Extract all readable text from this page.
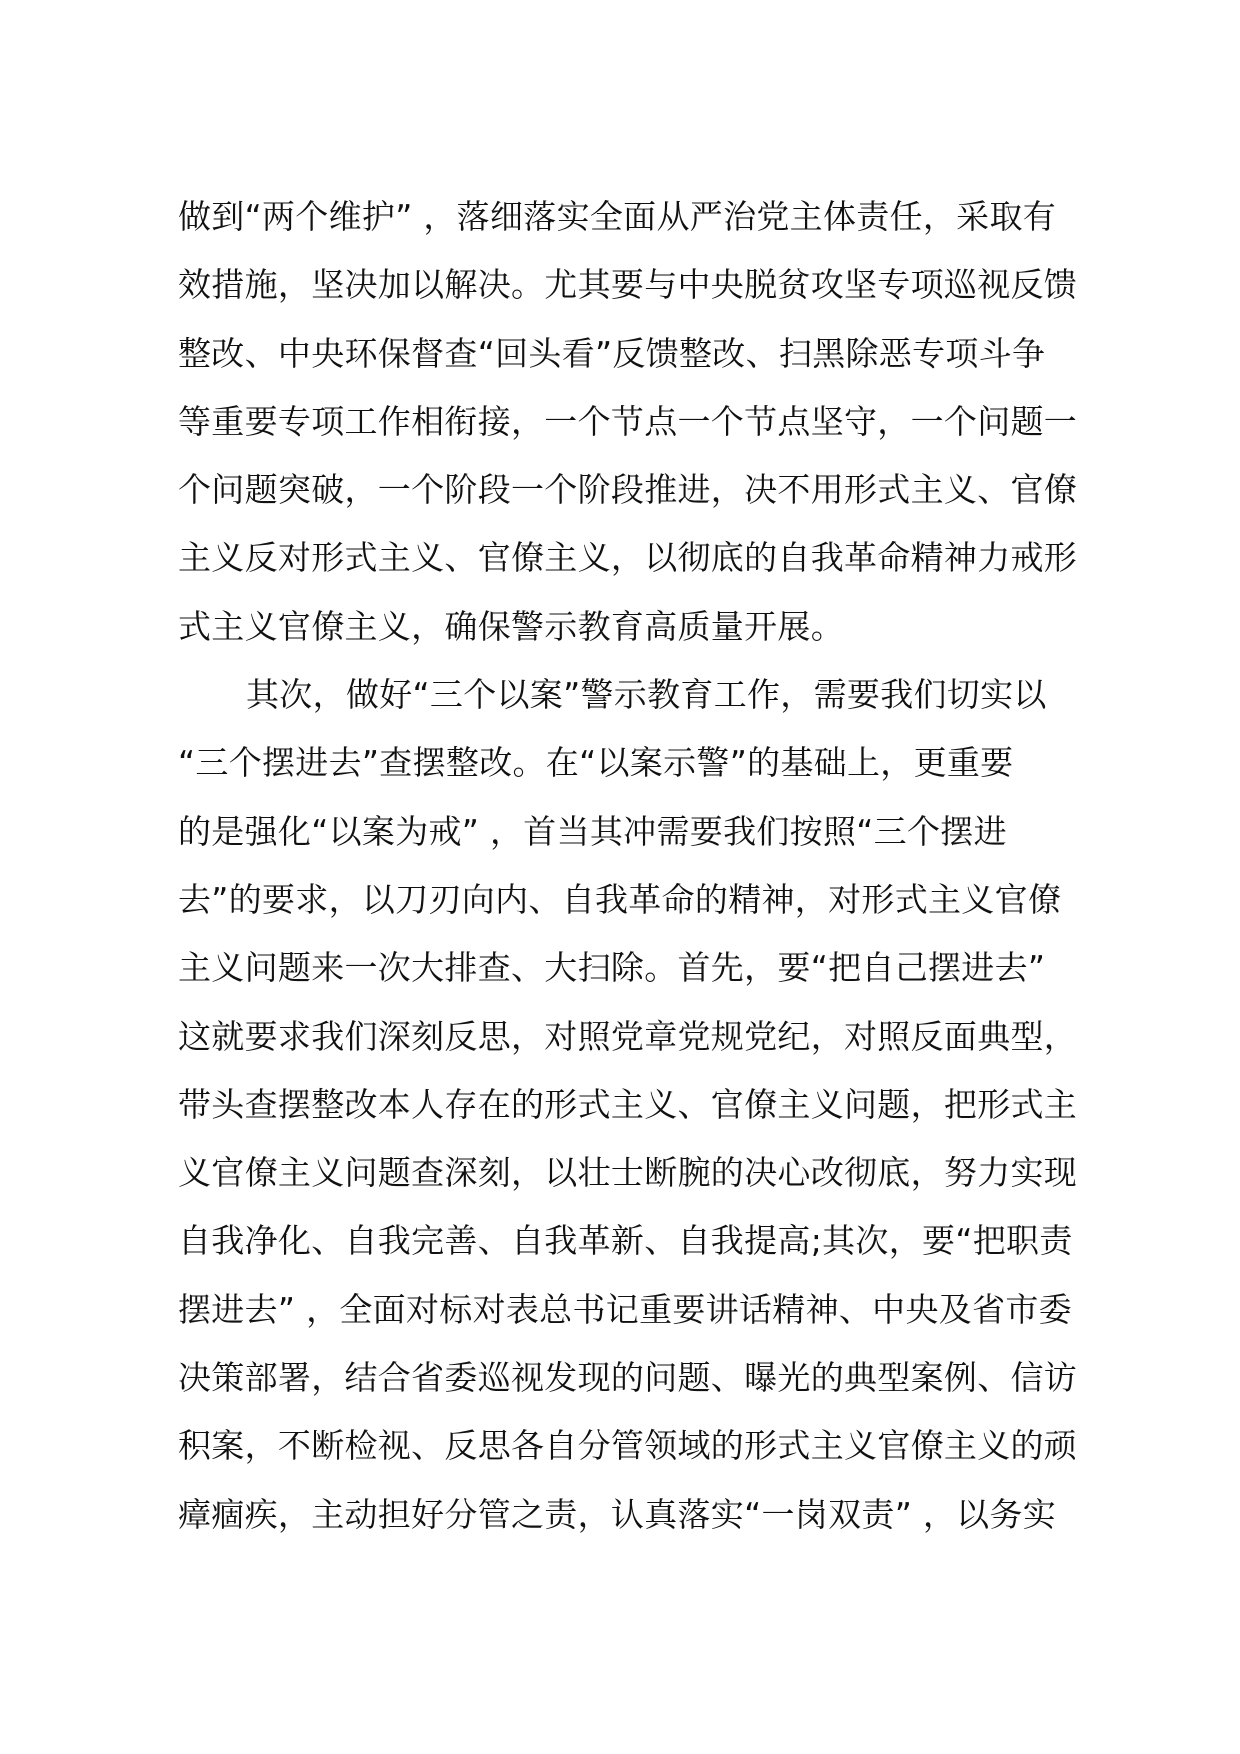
做到“两个维护” ，落细落实全面从严治党主体责任，采取有
效措施，坚决加以解决。尤其要与中央脱贫攻坚专项巡视反馈
整改、中央环保督查“回头看”反馈整改、扫黑除恶专项斗争
等重要专项工作相衔接，一个节点一个节点坚守，一个问题一
个问题突破，一个阶段一个阶段推进，决不用形式主义、官僚
主义反对形式主义、官僚主义，以彻底的自我革命精神力戒形
式主义官僚主义，确保警示教育高质量开展。
其次，做好“三个以案”警示教育工作，需要我们切实以
“三个摆进去”查摆整改。在“以案示警”的基础上，更重要
的是强化“以案为戒” ，首当其冲需要我们按照“三个摆进
去”的要求，以刀刃向内、自我革命的精神，对形式主义官僚
主义问题来一次大排查、大扫除。首先，要“把自己摆进去”
这就要求我们深刻反思，对照党章党规党纪，对照反面典型，
带头查摆整改本人存在的形式主义、官僚主义问题，把形式主
义官僚主义问题查深刻，以壮士断腕的决心改彻底，努力实现
自我净化、自我完善、自我革新、自我提高;其次，要“把职责
摆进去” ，全面对标对表总书记重要讲话精神、中央及省市委
决策部署，结合省委巡视发现的问题、曝光的典型案例、信访
积案，不断检视、反思各自分管领域的形式主义官僚主义的顽
瘴痼疾，主动担好分管之责，认真落实“一岗双责” ，以务实
